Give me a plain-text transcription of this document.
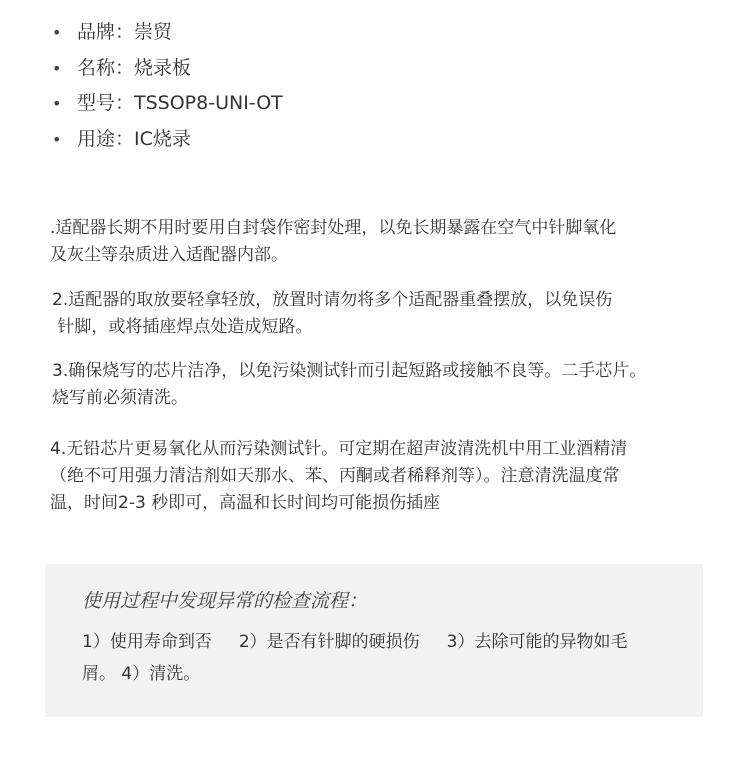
• 品牌：崇贸
• 名称：烧录板
• 型号：TSSOP8-UNI-OT
• 用途：IC烧录
.适配器长期不用时要用自封袋作密封处理，以免长期暴露在空气中针脚氧化
及灰尘等杂质进入适配器内部。
2.适配器的取放要轻拿轻放，放置时请勿将多个适配器重叠摆放，以免误伤
针脚，或将插座焊点处造成短路。
3.确保烧写的芯片洁净，以免污染测试针而引起短路或接触不良等。二手芯片。
烧写前必须清洗。
4.无铅芯片更易氧化从而污染测试针。可定期在超声波清洗机中用工业酒精清
（绝不可用强力清洁剂如天那水、苯、丙酮或者稀释剂等）。注意清洗温度常
温，时间2-3 秒即可，高温和长时间均可能损伤插座
使用过程中发现异常的检查流程：
1）使用寿命到否     2）是否有针脚的硬损伤     3）去除可能的异物如毛
屑。 4）清洗。
